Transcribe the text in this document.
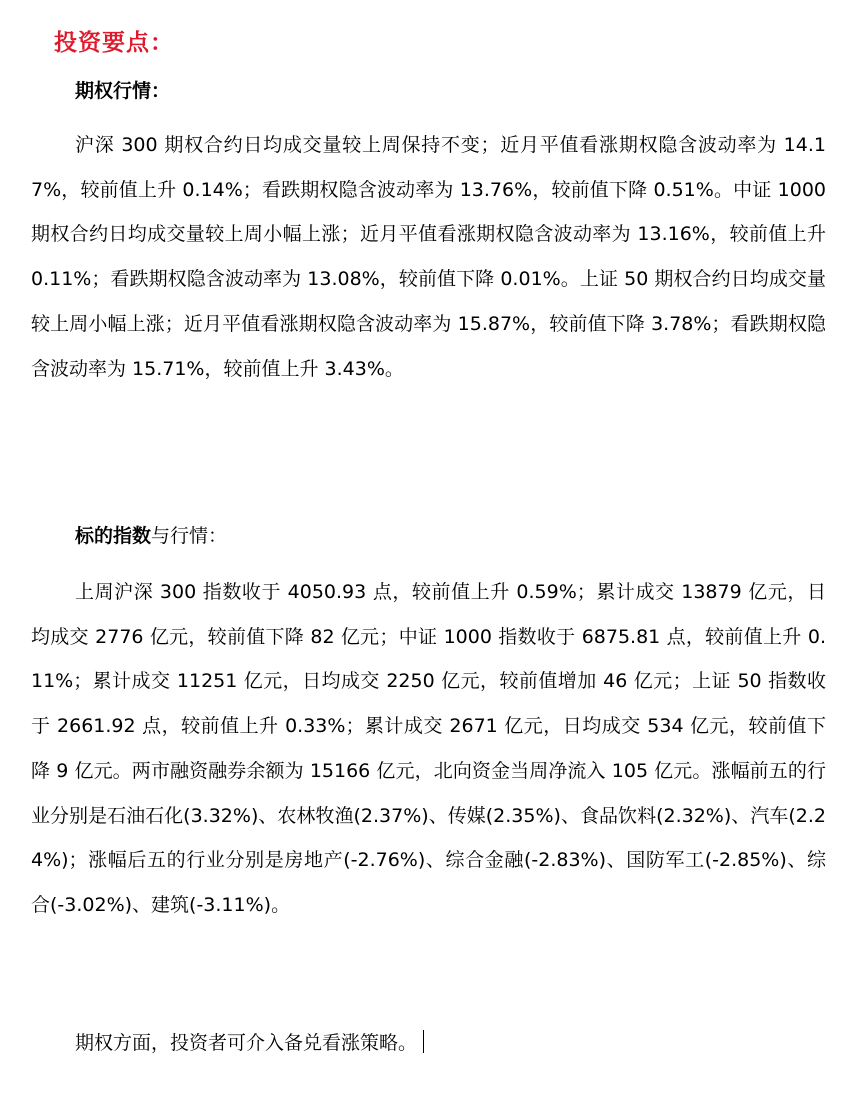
投资要点：
期权行情：

沪深 300 期权合约日均成交量较上周保持不变；近月平值看涨期权隐含波动率为 14.17%，较前值上升 0.14%；看跌期权隐含波动率为 13.76%，较前值下降 0.51%。中证 1000 期权合约日均成交量较上周小幅上涨；近月平值看涨期权隐含波动率为 13.16%，较前值上升 0.11%；看跌期权隐含波动率为 13.08%，较前值下降 0.01%。上证 50 期权合约日均成交量较上周小幅上涨；近月平值看涨期权隐含波动率为 15.87%，较前值下降 3.78%；看跌期权隐含波动率为 15.71%，较前值上升 3.43%。

标的指数与行情：

上周沪深 300 指数收于 4050.93 点，较前值上升 0.59%；累计成交 13879 亿元，日均成交 2776 亿元，较前值下降 82 亿元；中证 1000 指数收于 6875.81 点，较前值上升 0.11%；累计成交 11251 亿元，日均成交 2250 亿元，较前值增加 46 亿元；上证 50 指数收于 2661.92 点，较前值上升 0.33%；累计成交 2671 亿元，日均成交 534 亿元，较前值下降 9 亿元。两市融资融券余额为 15166 亿元，北向资金当周净流入 105 亿元。涨幅前五的行业分别是石油石化(3.32%)、农林牧渔(2.37%)、传媒(2.35%)、食品饮料(2.32%)、汽车(2.24%)；涨幅后五的行业分别是房地产(-2.76%)、综合金融(-2.83%)、国防军工(-2.85%)、综合(-3.02%)、建筑(-3.11%)。

期权方面，投资者可介入备兑看涨策略。
